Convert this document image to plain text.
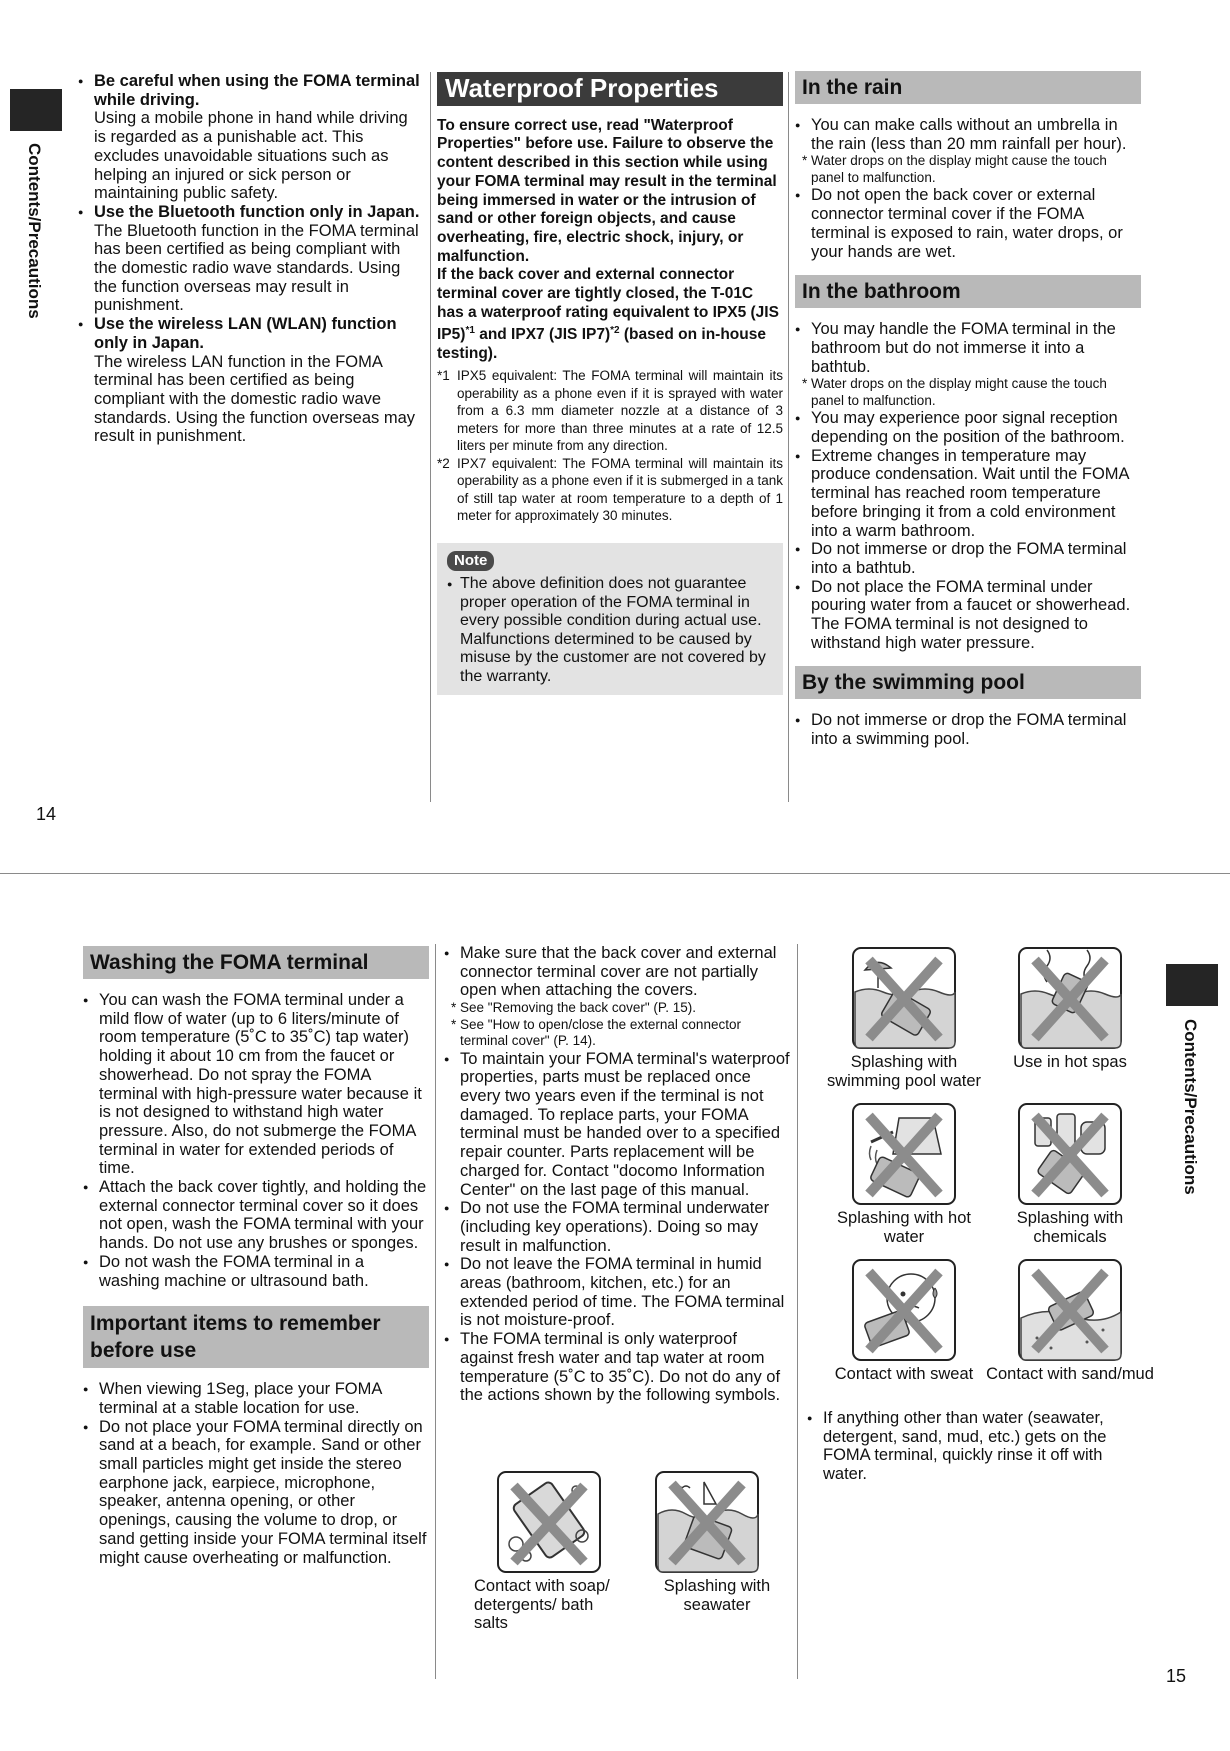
Contents/Precautions
● Be careful when using the FOMA terminal while driving.
Using a mobile phone in hand while driving is regarded as a punishable act. This excludes unavoidable situations such as helping an injured or sick person or maintaining public safety.
● Use the Bluetooth function only in Japan.
The Bluetooth function in the FOMA terminal has been certified as being compliant with the domestic radio wave standards. Using the function overseas may result in punishment.
● Use the wireless LAN (WLAN) function only in Japan.
The wireless LAN function in the FOMA terminal has been certified as being compliant with the domestic radio wave standards. Using the function overseas may result in punishment.
Waterproof Properties
To ensure correct use, read "Waterproof Properties" before use. Failure to observe the content described in this section while using your FOMA terminal may result in the terminal being immersed in water or the intrusion of sand or other foreign objects, and cause overheating, fire, electric shock, injury, or malfunction.
If the back cover and external connector terminal cover are tightly closed, the T-01C has a waterproof rating equivalent to IPX5 (JIS IP5)$^{*1}$ and IPX7 (JIS IP7)$^{*2}$ (based on in-house testing).
*1 IPX5 equivalent: The FOMA terminal will maintain its operability as a phone even if it is sprayed with water from a 6.3 mm diameter nozzle at a distance of 3 meters for more than three minutes at a rate of 12.5 liters per minute from any direction.
*2 IPX7 equivalent: The FOMA terminal will maintain its operability as a phone even if it is submerged in a tank of still tap water at room temperature to a depth of 1 meter for approximately 30 minutes.
Note
● The above definition does not guarantee proper operation of the FOMA terminal in every possible condition during actual use. Malfunctions determined to be caused by misuse by the customer are not covered by the warranty.
In the rain
● You can make calls without an umbrella in the rain (less than 20 mm rainfall per hour).
* Water drops on the display might cause the touch panel to malfunction.
● Do not open the back cover or external connector terminal cover if the FOMA terminal is exposed to rain, water drops, or your hands are wet.
In the bathroom
● You may handle the FOMA terminal in the bathroom but do not immerse it into a bathtub.
* Water drops on the display might cause the touch panel to malfunction.
● You may experience poor signal reception depending on the position of the bathroom.
● Extreme changes in temperature may produce condensation. Wait until the FOMA terminal has reached room temperature before bringing it from a cold environment into a warm bathroom.
● Do not immerse or drop the FOMA terminal into a bathtub.
● Do not place the FOMA terminal under pouring water from a faucet or showerhead. The FOMA terminal is not designed to withstand high water pressure.
By the swimming pool
● Do not immerse or drop the FOMA terminal into a swimming pool.
14
Contents/Precautions
Washing the FOMA terminal
● You can wash the FOMA terminal under a mild flow of water (up to 6 liters/minute of room temperature (5˚C to 35˚C) tap water) holding it about 10 cm from the faucet or showerhead. Do not spray the FOMA terminal with high-pressure water because it is not designed to withstand high water pressure. Also, do not submerge the FOMA terminal in water for extended periods of time.
● Attach the back cover tightly, and holding the external connector terminal cover so it does not open, wash the FOMA terminal with your hands. Do not use any brushes or sponges.
● Do not wash the FOMA terminal in a washing machine or ultrasound bath.
Important items to remember before use
● When viewing 1Seg, place your FOMA terminal at a stable location for use.
● Do not place your FOMA terminal directly on sand at a beach, for example. Sand or other small particles might get inside the stereo earphone jack, earpiece, microphone, speaker, antenna opening, or other openings, causing the volume to drop, or sand getting inside your FOMA terminal itself might cause overheating or malfunction.
● Make sure that the back cover and external connector terminal cover are not partially open when attaching the covers.
* See "Removing the back cover" (P. 15).
* See "How to open/close the external connector terminal cover" (P. 14).
● To maintain your FOMA terminal's waterproof properties, parts must be replaced once every two years even if the terminal is not damaged. To replace parts, your FOMA terminal must be handed over to a specified repair counter. Parts replacement will be charged for. Contact "docomo Information Center" on the last page of this manual.
● Do not use the FOMA terminal underwater (including key operations). Doing so may result in malfunction.
● Do not leave the FOMA terminal in humid areas (bathroom, kitchen, etc.) for an extended period of time. The FOMA terminal is not moisture-proof.
● The FOMA terminal is only waterproof against fresh water and tap water at room temperature (5˚C to 35˚C). Do not do any of the actions shown by the following symbols.
Contact with soap/ detergents/ bath salts
Splashing with seawater
Splashing with swimming pool water
Use in hot spas
Splashing with hot water
Splashing with chemicals
Contact with sweat Contact with sand/mud
● If anything other than water (seawater, detergent, sand, mud, etc.) gets on the FOMA terminal, quickly rinse it off with water.
15
